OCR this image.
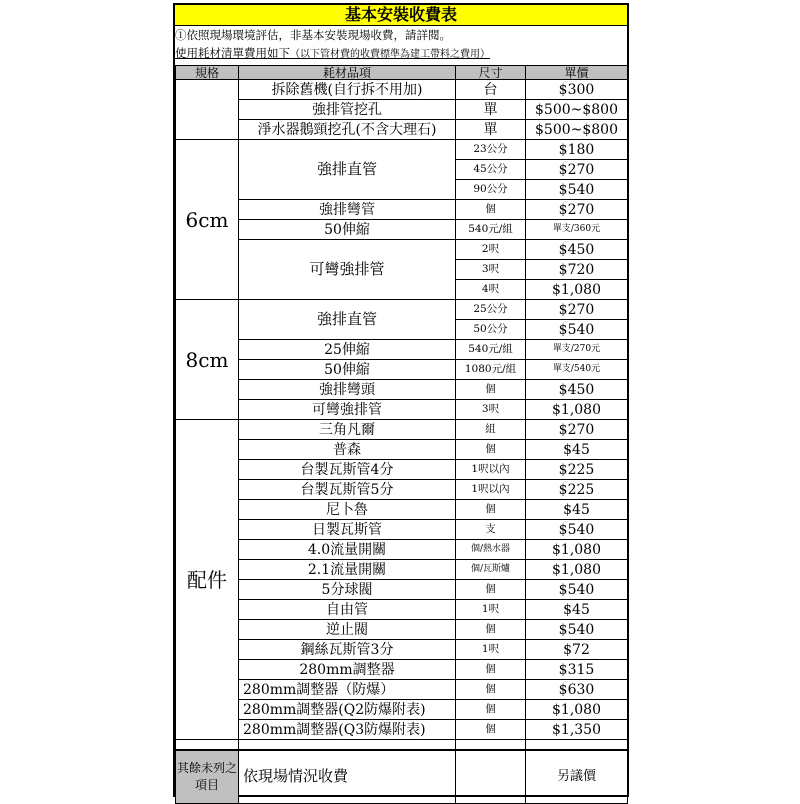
基本安裝收費表
①依照現場環境評估，非基本安裝現場收費，請詳閱。
使用耗材清單費用如下（以下管材費的收費標準為建工帶料之費用）
規格	耗材品項	尺寸	單價
	拆除舊機(自行拆不用加)	台	$300
	強排管挖孔	單	$500~$800
	淨水器鵝頸挖孔(不含大理石)	單	$500~$800
6cm	強排直管	23公分	$180
		45公分	$270
		90公分	$540
	強排彎管	個	$270
	50伸縮	540元/組	單支/360元
	可彎強排管	2呎	$450
		3呎	$720
		4呎	$1,080
8cm	強排直管	25公分	$270
		50公分	$540
	25伸縮	540元/組	單支/270元
	50伸縮	1080元/組	單支/540元
	強排彎頭	個	$450
	可彎強排管	3呎	$1,080
配件	三角凡爾	組	$270
	普森	個	$45
	台製瓦斯管4分	1呎以內	$225
	台製瓦斯管5分	1呎以內	$225
	尼卜魯	個	$45
	日製瓦斯管	支	$540
	4.0流量開關	個/熱水器	$1,080
	2.1流量開關	個/瓦斯爐	$1,080
	5分球閥	個	$540
	自由管	1呎	$45
	逆止閥	個	$540
	鋼絲瓦斯管3分	1呎	$72
	280mm調整器	個	$315
	280mm調整器（防爆）	個	$630
	280mm調整器(Q2防爆附表)	個	$1,080
	280mm調整器(Q3防爆附表)	個	$1,350

其餘未列之項目	依現場情況收費		另議價
